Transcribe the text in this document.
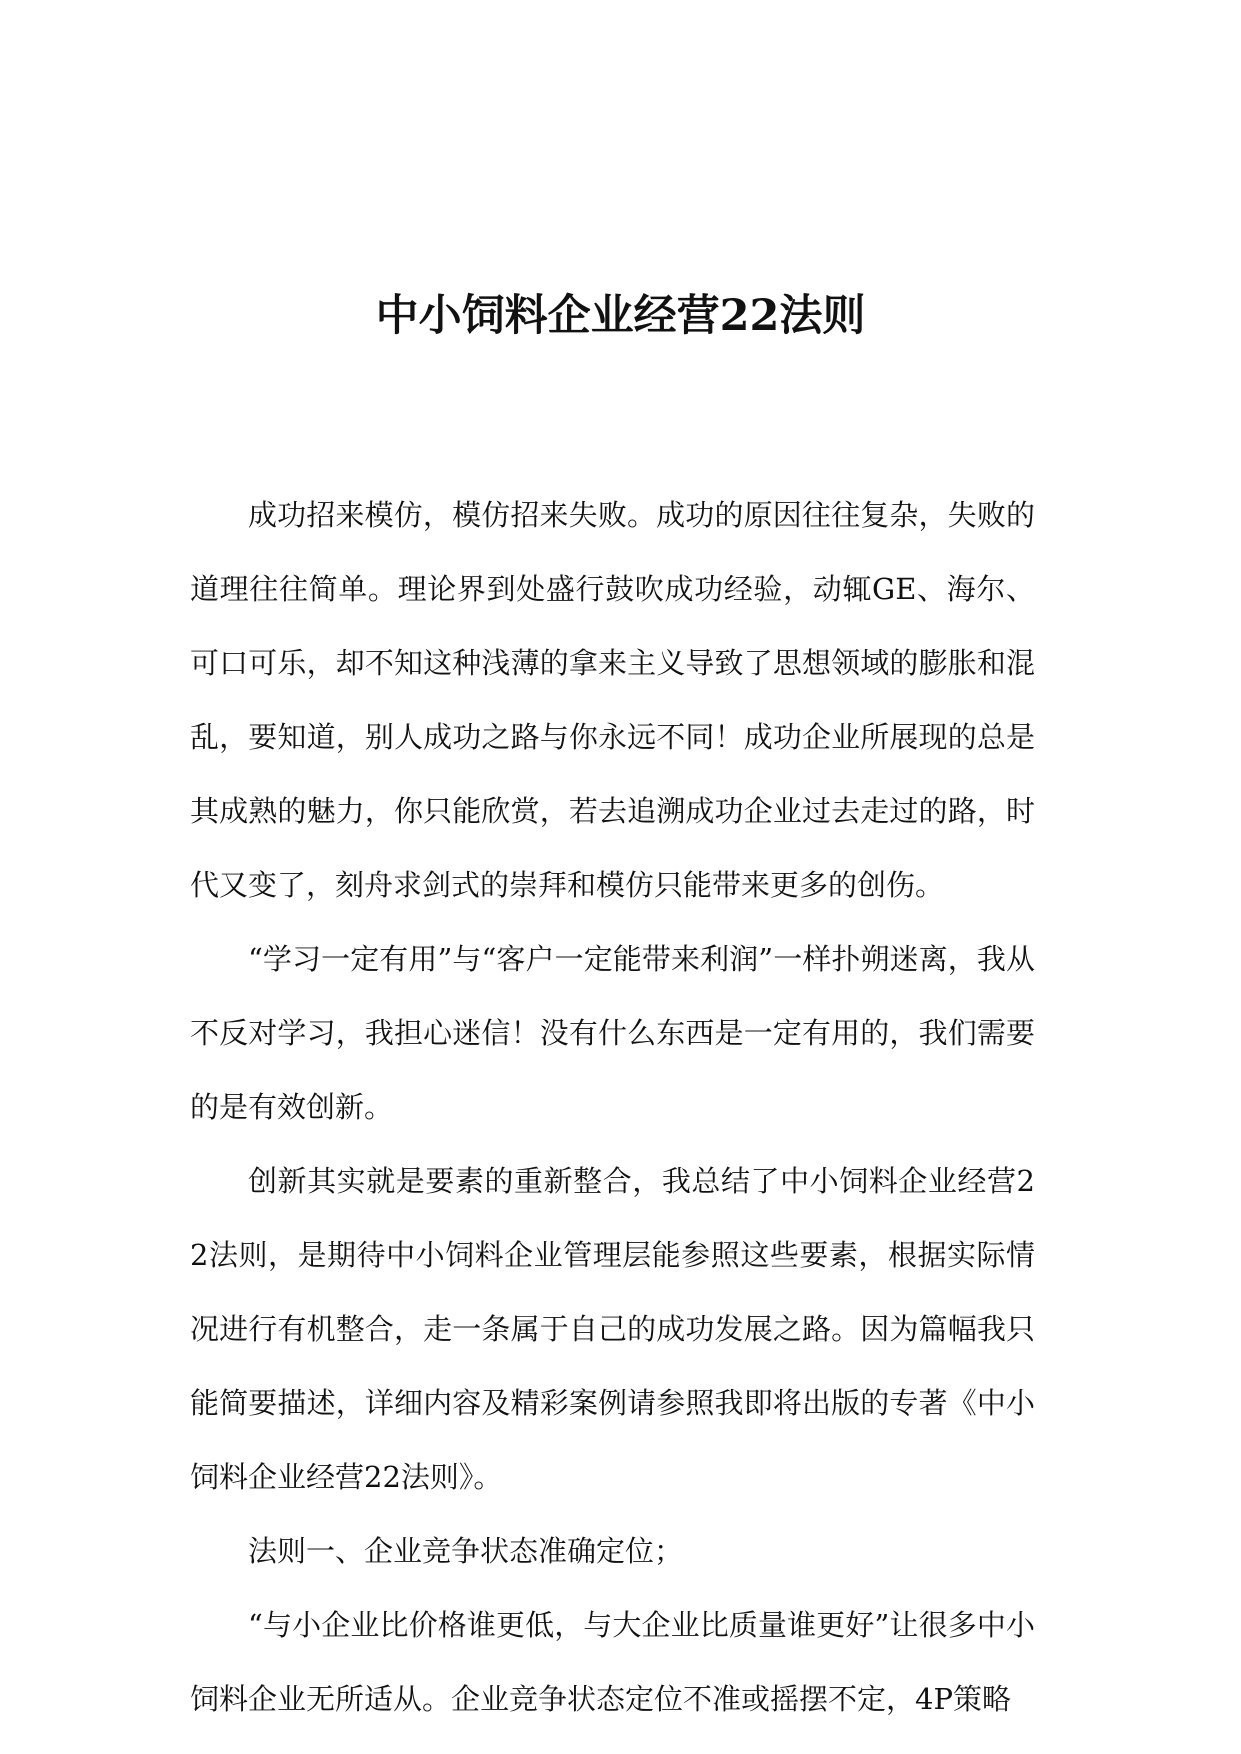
中小饲料企业经营22法则

成功招来模仿，模仿招来失败。成功的原因往往复杂，失败的道理往往简单。理论界到处盛行鼓吹成功经验，动辄GE、海尔、可口可乐，却不知这种浅薄的拿来主义导致了思想领域的膨胀和混乱，要知道，别人成功之路与你永远不同！成功企业所展现的总是其成熟的魅力，你只能欣赏，若去追溯成功企业过去走过的路，时代又变了，刻舟求剑式的崇拜和模仿只能带来更多的创伤。

“学习一定有用”与“客户一定能带来利润”一样扑朔迷离，我从不反对学习，我担心迷信！没有什么东西是一定有用的，我们需要的是有效创新。

创新其实就是要素的重新整合，我总结了中小饲料企业经营22法则，是期待中小饲料企业管理层能参照这些要素，根据实际情况进行有机整合，走一条属于自己的成功发展之路。因为篇幅我只能简要描述，详细内容及精彩案例请参照我即将出版的专著《中小饲料企业经营22法则》。

法则一、企业竞争状态准确定位；

“与小企业比价格谁更低，与大企业比质量谁更好”让很多中小饲料企业无所适从。企业竞争状态定位不准或摇摆不定，4P策略
